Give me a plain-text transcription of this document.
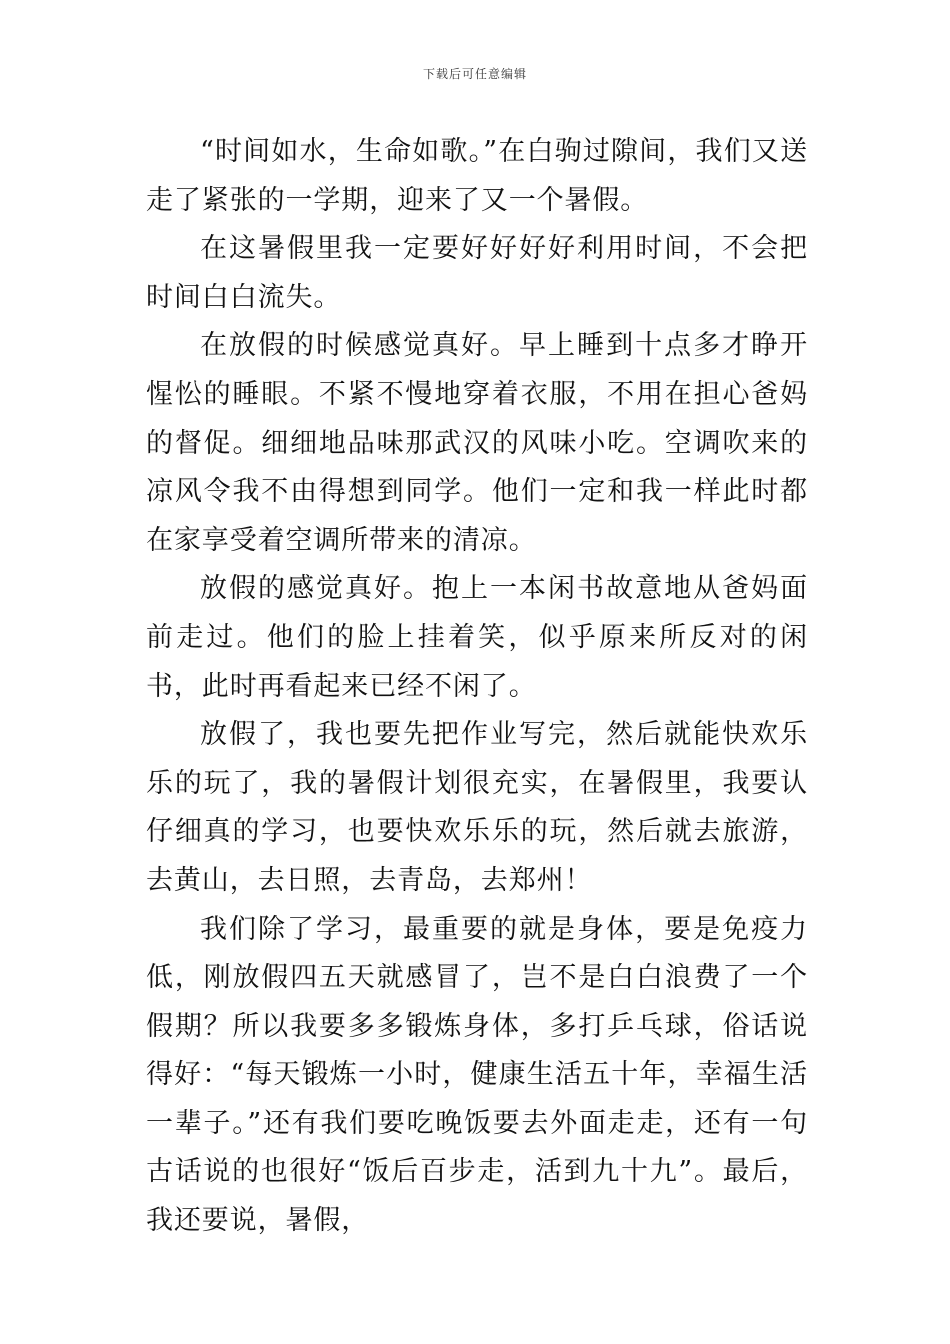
下载后可任意编辑

“时间如水，生命如歌。”在白驹过隙间，我们又送走了紧张的一学期，迎来了又一个暑假。

在这暑假里我一定要好好好好利用时间，不会把时间白白流失。

在放假的时候感觉真好。早上睡到十点多才睁开惺忪的睡眼。不紧不慢地穿着衣服，不用在担心爸妈的督促。细细地品味那武汉的风味小吃。空调吹来的凉风令我不由得想到同学。他们一定和我一样此时都在家享受着空调所带来的清凉。

放假的感觉真好。抱上一本闲书故意地从爸妈面前走过。他们的脸上挂着笑，似乎原来所反对的闲书，此时再看起来已经不闲了。

放假了，我也要先把作业写完，然后就能快欢乐乐的玩了，我的暑假计划很充实，在暑假里，我要认仔细真的学习，也要快欢乐乐的玩，然后就去旅游，去黄山，去日照，去青岛，去郑州！

我们除了学习，最重要的就是身体，要是免疫力低，刚放假四五天就感冒了，岂不是白白浪费了一个假期？所以我要多多锻炼身体，多打乒乓球，俗话说得好：“每天锻炼一小时，健康生活五十年，幸福生活一辈子。”还有我们要吃晚饭要去外面走走，还有一句古话说的也很好“饭后百步走，活到九十九”。最后，我还要说，暑假，
